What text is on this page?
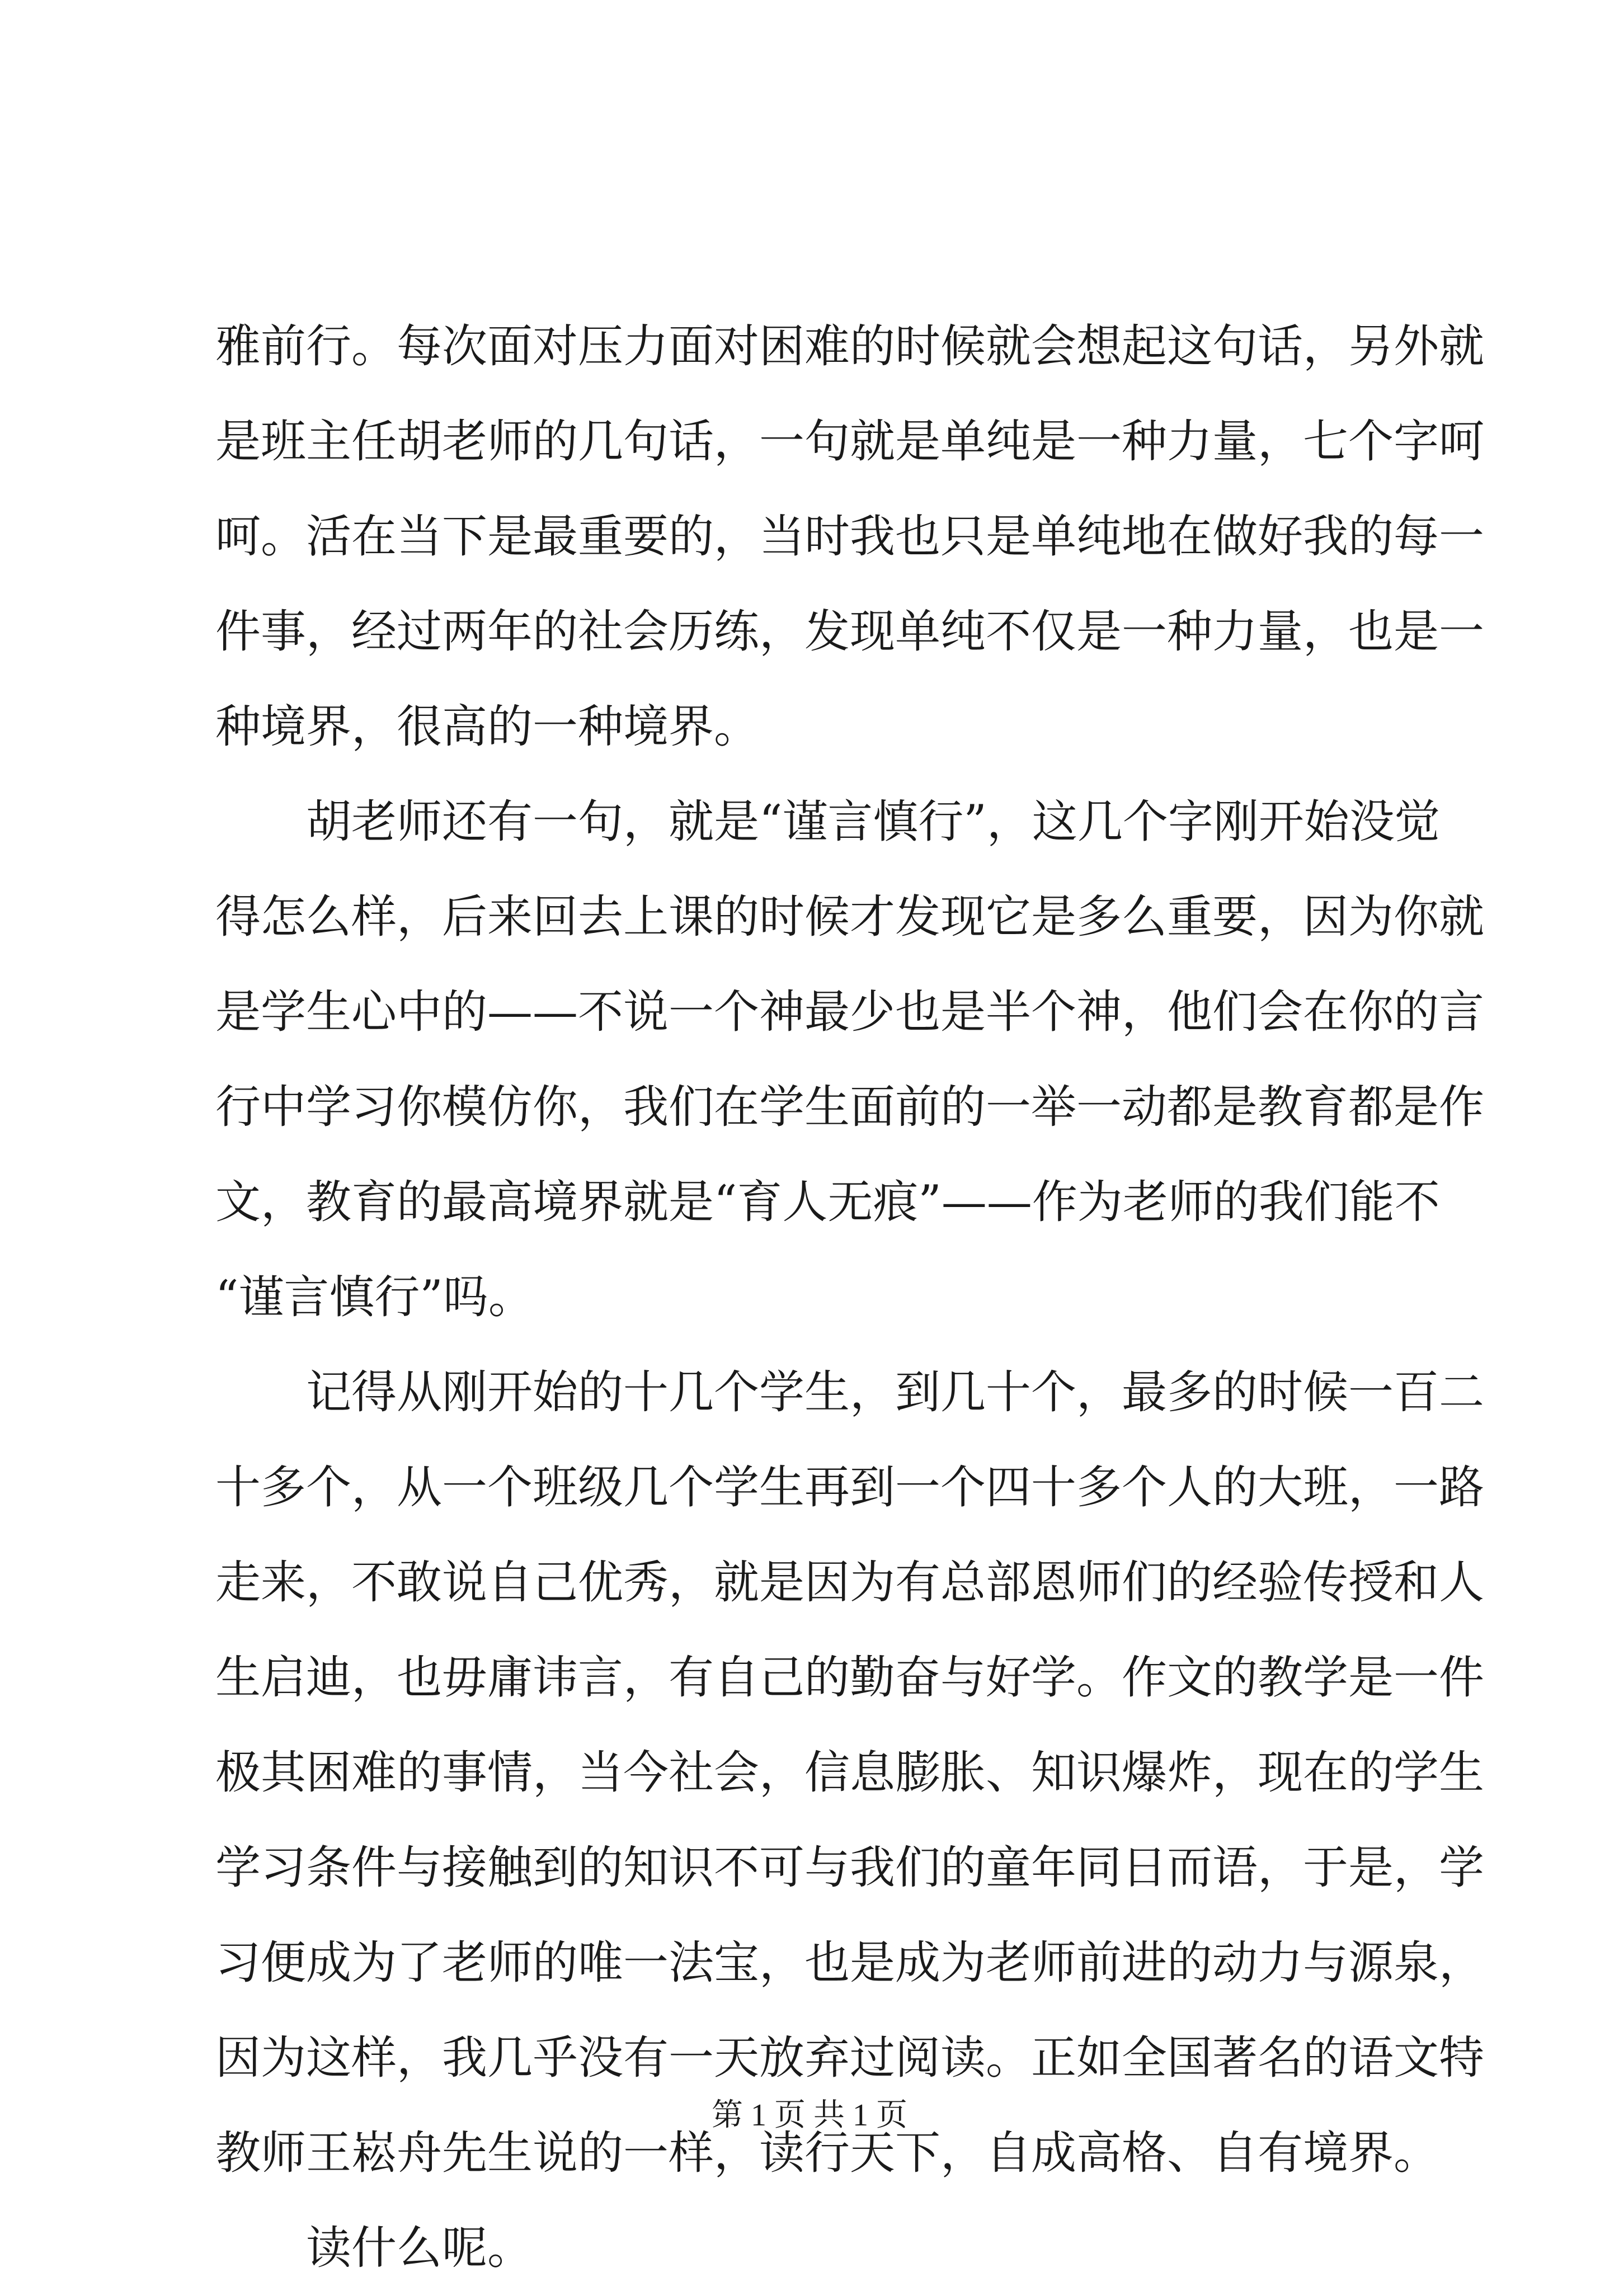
雅前行。每次面对压力面对困难的时候就会想起这句话，另外就
是班主任胡老师的几句话，一句就是单纯是一种力量，七个字呵
呵。活在当下是最重要的，当时我也只是单纯地在做好我的每一
件事，经过两年的社会历练，发现单纯不仅是一种力量，也是一
种境界，很高的一种境界。
胡老师还有一句，就是“谨言慎行”，这几个字刚开始没觉
得怎么样，后来回去上课的时候才发现它是多么重要，因为你就
是学生心中的——不说一个神最少也是半个神，他们会在你的言
行中学习你模仿你，我们在学生面前的一举一动都是教育都是作
文，教育的最高境界就是“育人无痕”——作为老师的我们能不
“谨言慎行”吗。
记得从刚开始的十几个学生，到几十个，最多的时候一百二
十多个，从一个班级几个学生再到一个四十多个人的大班，一路
走来，不敢说自己优秀，就是因为有总部恩师们的经验传授和人
生启迪，也毋庸讳言，有自己的勤奋与好学。作文的教学是一件
极其困难的事情，当今社会，信息膨胀、知识爆炸，现在的学生
学习条件与接触到的知识不可与我们的童年同日而语，于是，学
习便成为了老师的唯一法宝，也是成为老师前进的动力与源泉，
因为这样，我几乎没有一天放弃过阅读。正如全国著名的语文特
教师王崧舟先生说的一样，读行天下，自成高格、自有境界。
读什么呢。
第 1 页 共 1 页
